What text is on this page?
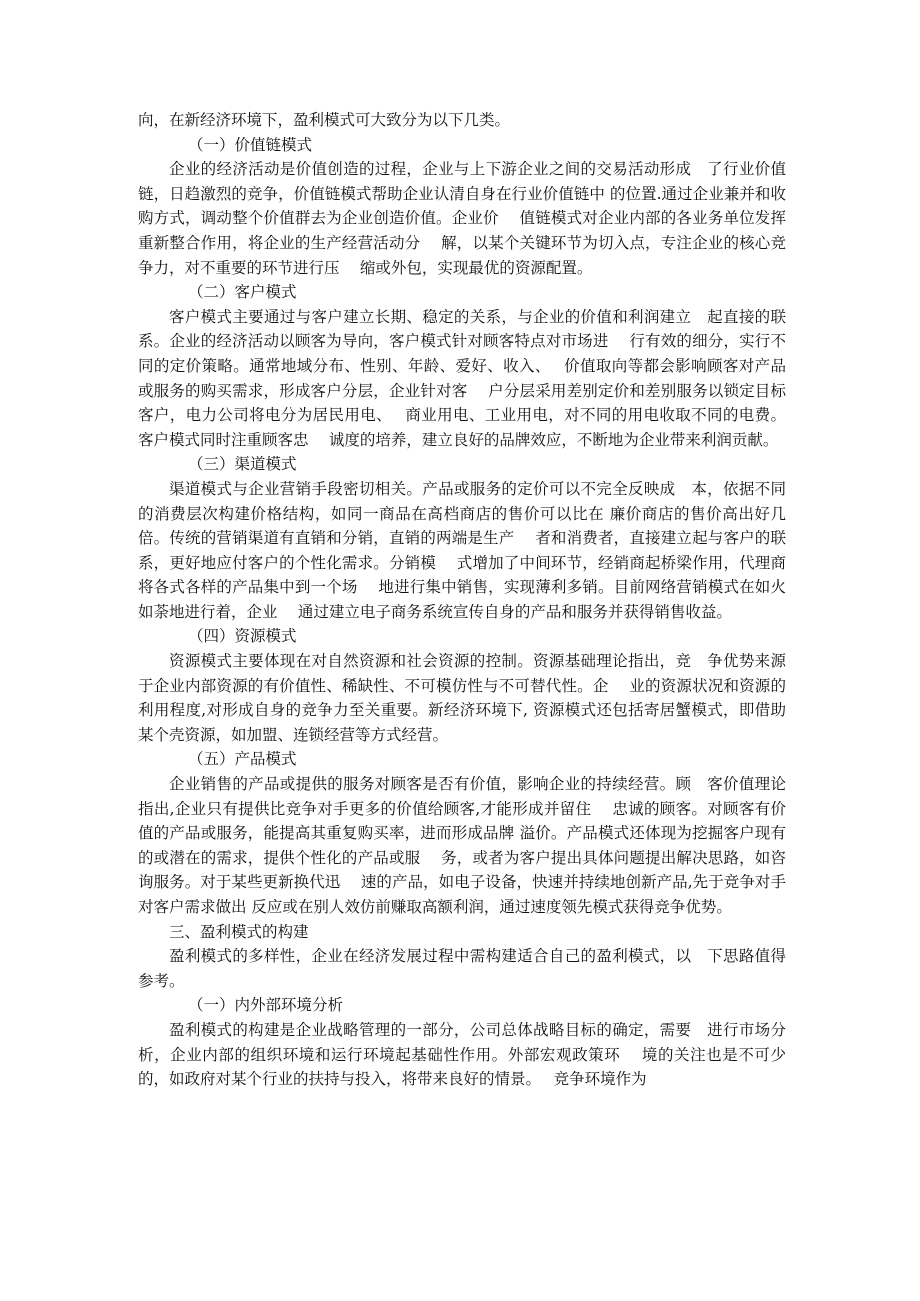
向，在新经济环境下，盈利模式可大致分为以下几类。

（一）价值链模式

企业的经济活动是价值创造的过程，企业与上下游企业之间的交易活动形成　了行业价值链，日趋激烈的竞争，价值链模式帮助企业认清自身在行业价值链中 的位置.通过企业兼并和收购方式，调动整个价值群去为企业创造价值。企业价　 值链模式对企业内部的各业务单位发挥重新整合作用，将企业的生产经营活动分　 解，以某个关键环节为切入点，专注企业的核心竞争力，对不重要的环节进行压　 缩或外包，实现最优的资源配置。

（二）客户模式

客户模式主要通过与客户建立长期、稳定的关系，与企业的价值和利润建立　起直接的联系。企业的经济活动以顾客为导向，客户模式针对顾客特点对市场进　 行有效的细分，实行不同的定价策略。通常地域分布、性别、年龄、爱好、收入、　 价值取向等都会影响顾客对产品或服务的购买需求，形成客户分层，企业针对客　 户分层采用差别定价和差别服务以锁定目标客户，电力公司将电分为居民用电、　 商业用电、工业用电，对不同的用电收取不同的电费。客户模式同时注重顾客忠　 诚度的培养，建立良好的品牌效应，不断地为企业带来利润贡献。

（三）渠道模式

渠道模式与企业营销手段密切相关。产品或服务的定价可以不完全反映成　本，依据不同的消费层次构建价格结构，如同一商品在高档商店的售价可以比在 廉价商店的售价高出好几倍。传统的营销渠道有直销和分销，直销的两端是生产　 者和消费者，直接建立起与客户的联系，更好地应付客户的个性化需求。分销模　 式增加了中间环节，经销商起桥梁作用，代理商将各式各样的产品集中到一个场　 地进行集中销售，实现薄利多销。目前网络营销模式在如火如荼地进行着，企业　 通过建立电子商务系统宣传自身的产品和服务并获得销售收益。

（四）资源模式

资源模式主要体现在对自然资源和社会资源的控制。资源基础理论指出，竞　争优势来源于企业内部资源的有价值性、稀缺性、不可模仿性与不可替代性。企　 业的资源状况和资源的利用程度,对形成自身的竞争力至关重要。新经济环境下, 资源模式还包括寄居蟹模式，即借助某个壳资源，如加盟、连锁经营等方式经营。

（五）产品模式

企业销售的产品或提供的服务对顾客是否有价值，影响企业的持续经营。顾　客价值理论指出,企业只有提供比竞争对手更多的价值给顾客,才能形成并留住　 忠诚的顾客。对顾客有价值的产品或服务，能提高其重复购买率，进而形成品牌 溢价。产品模式还体现为挖掘客户现有的或潜在的需求，提供个性化的产品或服　 务，或者为客户提出具体问题提出解决思路，如咨询服务。对于某些更新换代迅　 速的产品，如电子设备，快速并持续地创新产品,先于竞争对手对客户需求做出 反应或在别人效仿前赚取高额利润，通过速度领先模式获得竞争优势。

三、盈利模式的构建

盈利模式的多样性，企业在经济发展过程中需构建适合自己的盈利模式，以　下思路值得参考。

（一）内外部环境分析

盈利模式的构建是企业战略管理的一部分，公司总体战略目标的确定，需要　进行市场分析，企业内部的组织环境和运行环境起基础性作用。外部宏观政策环　 境的关注也是不可少的，如政府对某个行业的扶持与投入，将带来良好的情景。　 竞争环境作为
